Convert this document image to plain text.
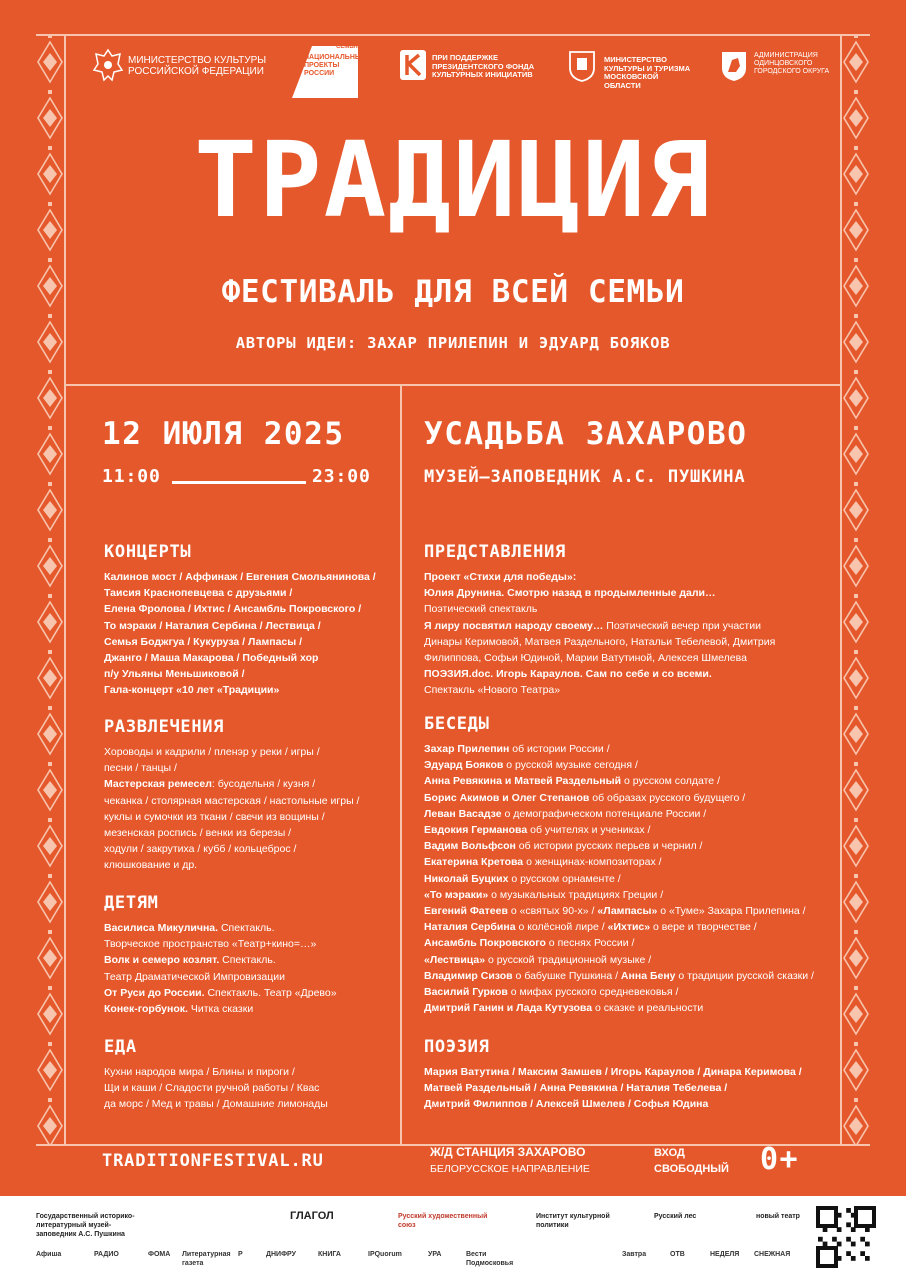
МИНИСТЕРСТВО КУЛЬТУРЫ РОССИЙСКОЙ ФЕДЕРАЦИИ
СЕМЬЯ
НАЦИОНАЛЬНЫЕ ПРОЕКТЫ РОССИИ
ПРИ ПОДДЕРЖКЕ ПРЕЗИДЕНТСКОГО ФОНДА КУЛЬТУРНЫХ ИНИЦИАТИВ
МИНИСТЕРСТВО КУЛЬТУРЫ И ТУРИЗМА МОСКОВСКОЙ ОБЛАСТИ
АДМИНИСТРАЦИЯ ОДИНЦОВСКОГО ГОРОДСКОГО ОКРУГА
ТРАДИЦИЯ
ФЕСТИВАЛЬ ДЛЯ ВСЕЙ СЕМЬИ
АВТОРЫ ИДЕИ: ЗАХАР ПРИЛЕПИН И ЭДУАРД БОЯКОВ
12 ИЮЛЯ 2025
11:00	23:00
УСАДЬБА ЗАХАРОВО
МУЗЕЙ–ЗАПОВЕДНИК А.С. ПУШКИНА
КОНЦЕРТЫ
Калинов мост / Аффинаж / Евгения Смольянинова /
Таисия Краснопевцева с друзьями /
Елена Фролова / Ихтис / Ансамбль Покровского /
То мэраки / Наталия Сербина / Лествица /
Семья Боджгуа / Кукуруза / Лампасы /
Джанго / Маша Макарова / Победный хор
п/у Ульяны Меньшиковой /
Гала-концерт «10 лет «Традиции»
РАЗВЛЕЧЕНИЯ
Хороводы и кадрили / пленэр у реки / игры /
песни / танцы /
Мастерская ремесел: бусодельня / кузня /
чеканка / столярная мастерская / настольные игры /
куклы и сумочки из ткани / свечи из вощины /
мезенская роспись / венки из березы /
ходули / закрутиха / кубб / кольцеброс /
клюшкование и др.
ДЕТЯМ
Василиса Микулична. Спектакль.
Творческое пространство «Театр+кино=…»
Волк и семеро козлят. Спектакль.
Театр Драматической Импровизации
От Руси до России. Спектакль. Театр «Древо»
Конек-горбунок. Читка сказки
ЕДА
Кухни народов мира / Блины и пироги /
Щи и каши / Сладости ручной работы / Квас
да морс / Мед и травы / Домашние лимонады
ПРЕДСТАВЛЕНИЯ
Проект «Стихи для победы»:
Юлия Друнина. Смотрю назад в продымленные дали…
Поэтический спектакль
Я лиру посвятил народу своему… Поэтический вечер при участии
Динары Керимовой, Матвея Раздельного, Натальи Тебелевой, Дмитрия
Филиппова, Софьи Юдиной, Марии Ватутиной, Алексея Шмелева
ПОЭЗИЯ.doc. Игорь Караулов. Сам по себе и со всеми.
Спектакль «Нового Театра»
БЕСЕДЫ
Захар Прилепин об истории России /
Эдуард Бояков о русской музыке сегодня /
Анна Ревякина и Матвей Раздельный о русском солдате /
Борис Акимов и Олег Степанов об образах русского будущего /
Леван Васадзе о демографическом потенциале России /
Евдокия Германова об учителях и учениках /
Вадим Вольфсон об истории русских перьев и чернил /
Екатерина Кретова о женщинах-композиторах /
Николай Буцких о русском орнаменте /
«То мэраки» о музыкальных традициях Греции /
Евгений Фатеев о «святых 90-х» / «Лампасы» о «Туме» Захара Прилепина /
Наталия Сербина о колёсной лире / «Ихтис» о вере и творчестве /
Ансамбль Покровского о песнях России /
«Лествица» о русской традиционной музыке /
Владимир Сизов о бабушке Пушкина / Анна Бену о традиции русской сказки /
Василий Гурков о мифах русского средневековья /
Дмитрий Ганин и Лада Кутузова о сказке и реальности
ПОЭЗИЯ
Мария Ватутина / Максим Замшев / Игорь Караулов / Динара Керимова /
Матвей Раздельный / Анна Ревякина / Наталия Тебелева /
Дмитрий Филиппов / Алексей Шмелев / Софья Юдина
TRADITIONFESTIVAL.RU	Ж/Д СТАНЦИЯ ЗАХАРОВО
БЕЛОРУССКОЕ НАПРАВЛЕНИЕ
ВХОД
СВОБОДНЫЙ 0+
Государственный историко-литературный музей-заповедник А.С. Пушкина
ГЛАГОЛ	Русский художественный союз
Институт культурной политики
Русский лес	новый театр
Афиша	РАДИО	ФОМА	Литературная газета
Р	ДНИФРУ	КНИГА	IPQuorum	УРА	Вести Подмосковья
Завтра	ОТВ	НЕДЕЛЯ	СНЕЖНАЯ
